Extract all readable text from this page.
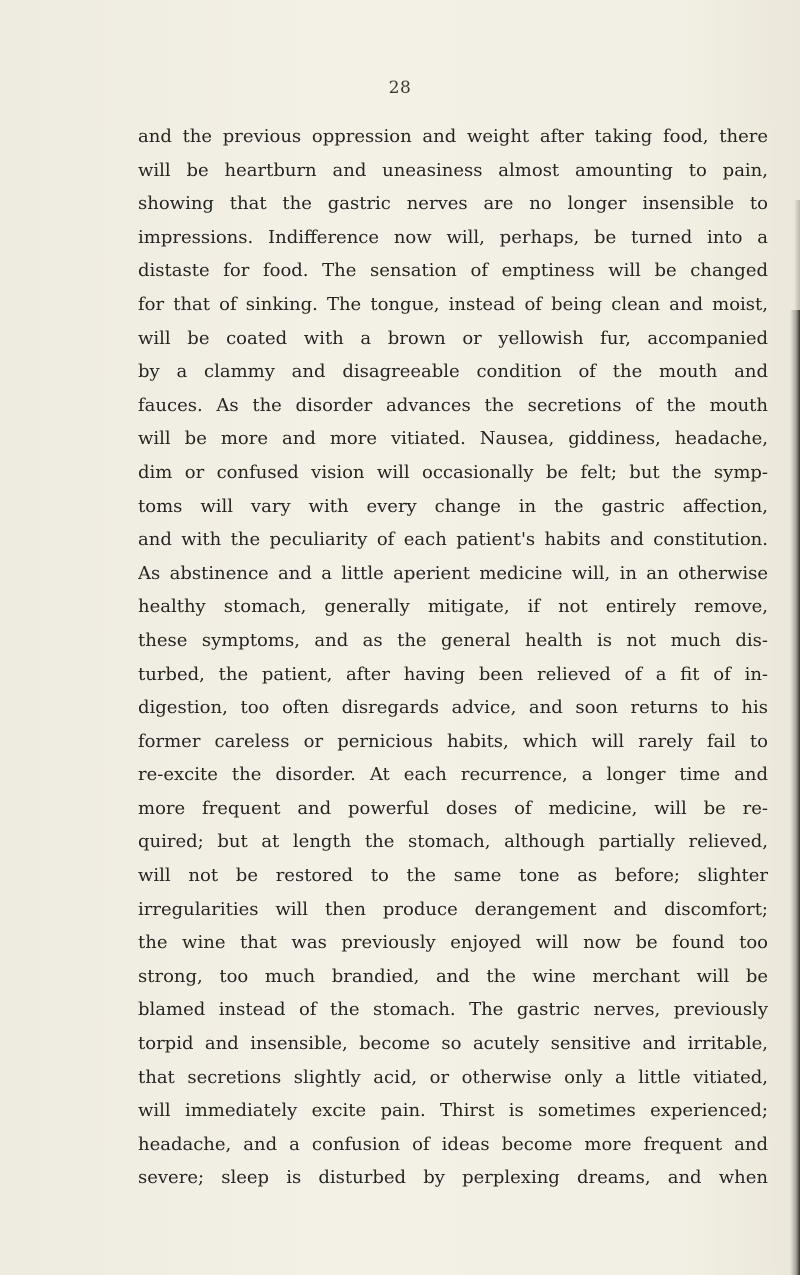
28
and the previous oppression and weight after taking food, there
will be heartburn and uneasiness almost amounting to pain,
showing that the gastric nerves are no longer insensible to
impressions. Indifference now will, perhaps, be turned into a
distaste for food. The sensation of emptiness will be changed
for that of sinking. The tongue, instead of being clean and moist,
will be coated with a brown or yellowish fur, accompanied
by a clammy and disagreeable condition of the mouth and
fauces. As the disorder advances the secretions of the mouth
will be more and more vitiated. Nausea, giddiness, headache,
dim or confused vision will occasionally be felt; but the symp-
toms will vary with every change in the gastric affection,
and with the peculiarity of each patient's habits and constitution.
As abstinence and a little aperient medicine will, in an otherwise
healthy stomach, generally mitigate, if not entirely remove,
these symptoms, and as the general health is not much dis-
turbed, the patient, after having been relieved of a fit of in-
digestion, too often disregards advice, and soon returns to his
former careless or pernicious habits, which will rarely fail to
re-excite the disorder. At each recurrence, a longer time and
more frequent and powerful doses of medicine, will be re-
quired; but at length the stomach, although partially relieved,
will not be restored to the same tone as before; slighter
irregularities will then produce derangement and discomfort;
the wine that was previously enjoyed will now be found too
strong, too much brandied, and the wine merchant will be
blamed instead of the stomach. The gastric nerves, previously
torpid and insensible, become so acutely sensitive and irritable,
that secretions slightly acid, or otherwise only a little vitiated,
will immediately excite pain. Thirst is sometimes experienced;
headache, and a confusion of ideas become more frequent and
severe; sleep is disturbed by perplexing dreams, and when
